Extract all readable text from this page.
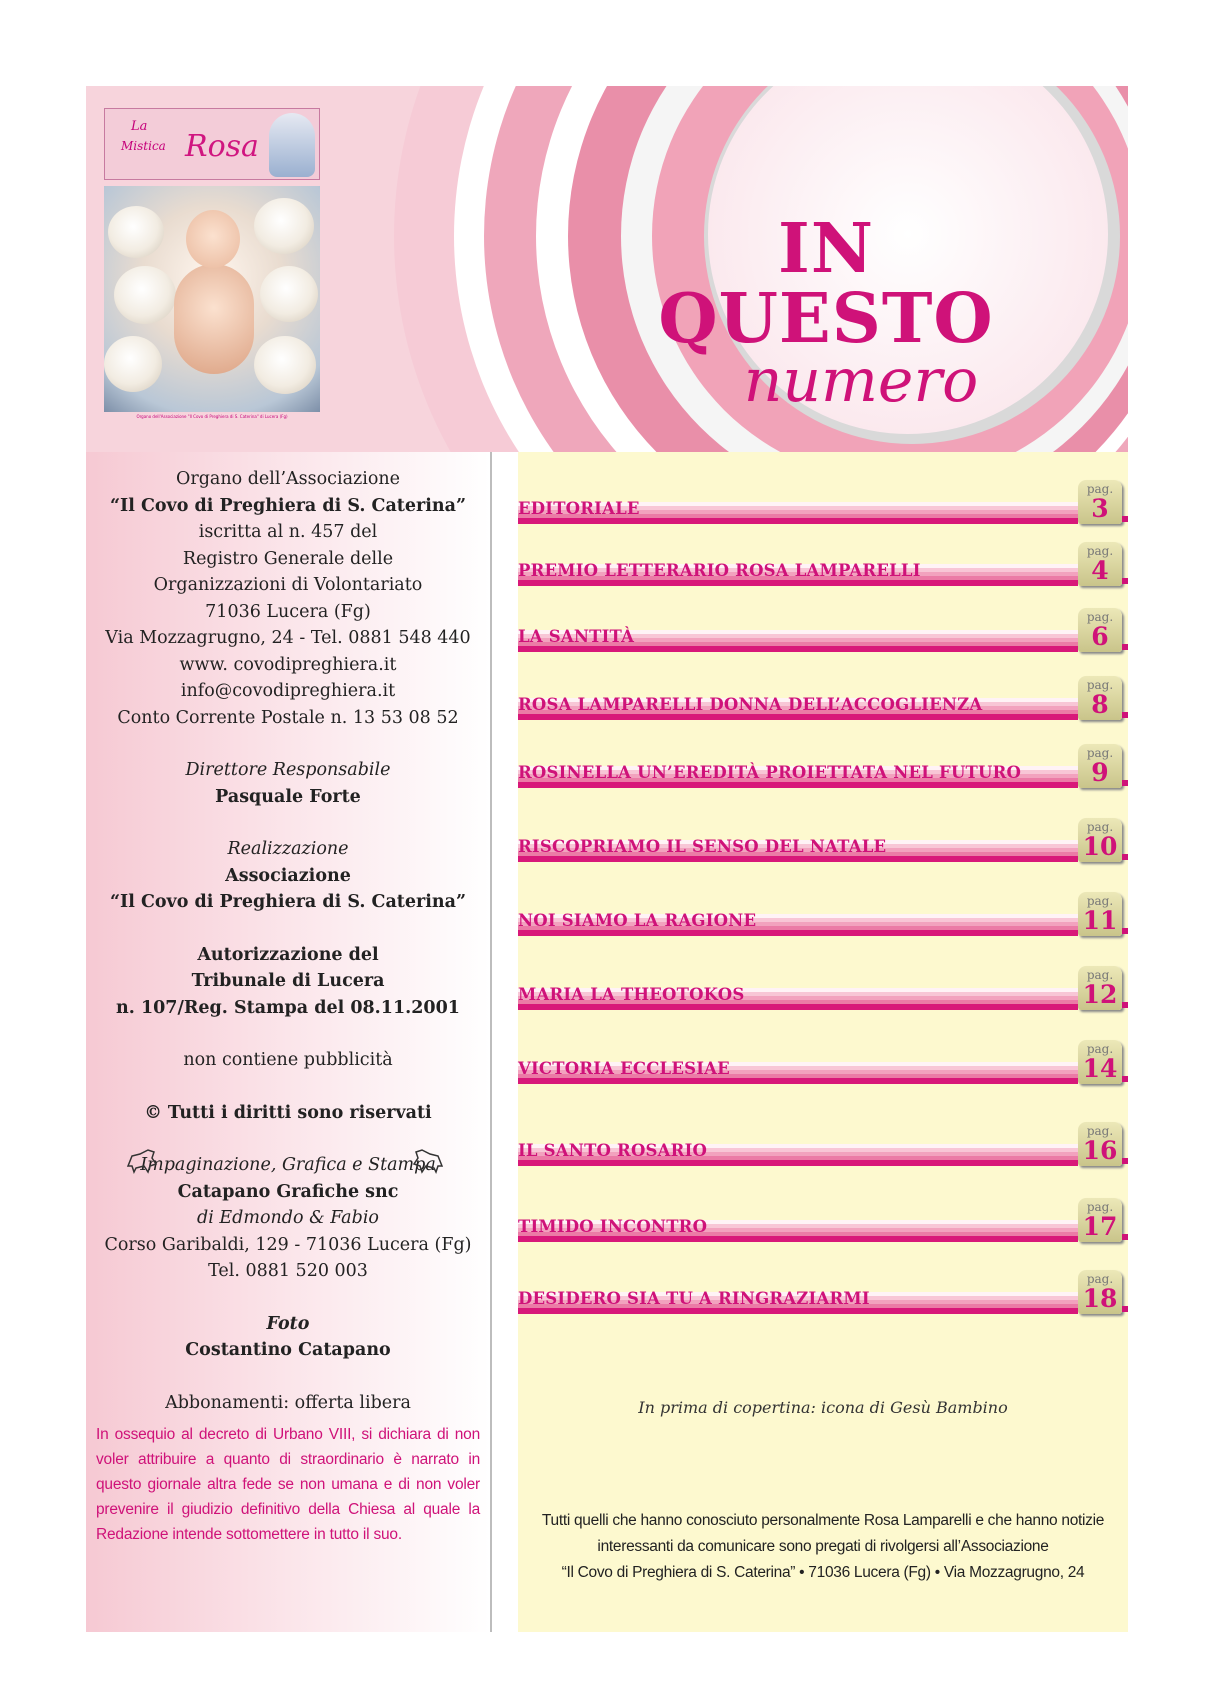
La
Mistica Rosa
Organo dell'Associazione "Il Covo di Preghiera di S. Caterina" di Lucera (Fg)
IN QUESTO
numero
Organo dell’Associazione
“Il Covo di Preghiera di S. Caterina”
iscritta al n. 457 del
Registro Generale delle
Organizzazioni di Volontariato
71036 Lucera (Fg)
Via Mozzagrugno, 24 - Tel. 0881 548 440
www. covodipreghiera.it
info@covodipreghiera.it
Conto Corrente Postale n. 13 53 08 52
Direttore Responsabile
Pasquale Forte
Realizzazione
Associazione
“Il Covo di Preghiera di S. Caterina”
Autorizzazione del
Tribunale di Lucera
n. 107/Reg. Stampa del 08.11.2001
non contiene pubblicità
© Tutti i diritti sono riservati
Impaginazione, Grafica e Stampa
Catapano Grafiche snc
di Edmondo & Fabio
Corso Garibaldi, 129 - 71036 Lucera (Fg)
Tel. 0881 520 003
Foto
Costantino Catapano
Abbonamenti: offerta libera
In ossequio al decreto di Urbano VIII, si dichiara di non voler attribuire a quanto di straordinario è narrato in questo giornale altra fede se non umana e di non voler prevenire il giudizio definitivo della Chiesa al quale la Redazione intende sottomettere in tutto il suo.
EDITORIALE
pag.
3
PREMIO LETTERARIO ROSA LAMPARELLI
pag.
4
LA SANTITÀ
pag.
6
ROSA LAMPARELLI DONNA DELL’ACCOGLIENZA
pag.
8
ROSINELLA UN’EREDITÀ PROIETTATA NEL FUTURO
pag.
9
RISCOPRIAMO IL SENSO DEL NATALE
pag.
10
NOI SIAMO LA RAGIONE
pag.
11
MARIA LA THEOTOKOS
pag.
12
VICTORIA ECCLESIAE
pag.
14
IL SANTO ROSARIO
pag.
16
TIMIDO INCONTRO
pag.
17
DESIDERO SIA TU A RINGRAZIARMI
pag.
18
In prima di copertina: icona di Gesù Bambino
Tutti quelli che hanno conosciuto personalmente Rosa Lamparelli e che hanno notizie
interessanti da comunicare sono pregati di rivolgersi all’Associazione
“Il Covo di Preghiera di S. Caterina” • 71036 Lucera (Fg) • Via Mozzagrugno, 24
